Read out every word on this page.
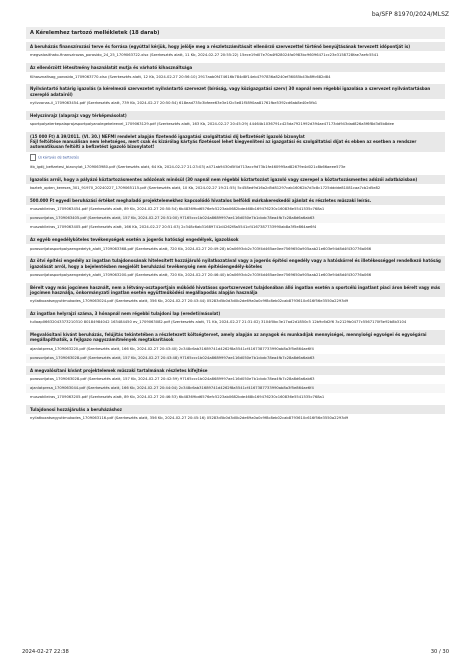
ba/SFP 81970/2024/MLSZ
A Kérelemhez tartozó mellékletek (18 darab)
A beruházás finanszírozási terve és forrása (egyúttal kérjük, hogy jelölje meg a részletszámításait ellenőrző szervezettel történő benyújtásának tervezett időpontját is)
megvalosithato-finanszirozas_porosido_24_25_1709063722.xlsx (Szerkesztés alatt, 11 Kb, 2024-02-27 20:55:22) 15ece19d07e70a4f628024fa0983bc96096471cc23e3158728fae7aefc5541
Az ellenőrzött létesítmény használatát mutja és várható kihasználtsága
Kihasznaltsag_porosido_1709063770.xlsx (Szerkesztés alatt, 12 Kb, 2024-02-27 20:56:10) 2917aab0f474616b784d8f14eb4797836a8240ef36085b43b8ffc682d84
Nyilvántartó határig igazolás (a kérelmező szervezetet nyilvántartó szervezet (bíróság, vagy közigazgatási szerv) 30 napnál nem régebbi igazolása a szervezet nyilvántartásban szereplő adatairól)
nyilvvonas-ii_1709063454.pdf (Szerkesztés alatt, 739 Kb, 2024-02-27 20:50:54) 618ead735c3bfeee63e3e1f2c5e81f5890aa81761fbe5392cd6ab8e40e5fb1
Helyszínrajz (alaprajz vagy térképmásolat)
sportpalyaterkepalaprajzsportpalyanolegekeleevel_1709063129.pdf (Szerkesztés alatt, 163 Kb, 2024-02-27 20:45:29) 44464b1036791c425da7921992d394ae47173dd943dad826a5f6f8d3d5b8dee
(15 000 Ft) A 39/2011. (VI. 30.) NEFMI rendelet alapján fizetendő igazgatási szolgáltatási díj befizetését igazoló bizonylat
Fájl feltöltése manuálisan nem lehetséges, mert csak és kizárólag kártyás fizetéssel lehet kiegyenlíteni az igazgatási és szolgáltatási díjat és ebben az esetben a rendszer automatikusan feltölti a befizetést igazoló bizonylatot!
Új kártyás díj befizetés
itb_igdij_befizetesi_bizonylat_1709063980.pdf (Szerkesztés alatt, 64 Kb, 2024-02-27 21:23:03) a471ab9430d5f4d713acc9d73b1fe460995ad82679e4d021c8b66aeee573e
Igazolás arról, hogy a pályázó köztartozásmentes adózónak minősül (30 napnál nem régebbi köztartozást igazoló vagy szerepel a köztartozásmentes adózói adatbázisban)
kozteh_opten_kereses_301_91970_20240227_1709065115.pdf (Szerkesztés alatt, 10 Kb, 2024-02-27 19:21:55) 5c458ed9d16a2d5d81297cab16062b7d3c8c1725dddde81081caa7cb2d5e82
500.000 Ft egyedi beruházási értéket meghaladó projektelemekhez kapcsolódó hivatalos belföldi márkakereskedői ajánlat és részletes műszaki leírás.
muszakileiras_1709063454.pdf (Szerkesztés alatt, 89 Kb, 2024-02-27 20:50:54) 6b48369bd6576efc5223ab0682bde468b169476230c160836e5541535c768a1
porosorijatos_1709063405.pdf (Szerkesztés alatt, 157 Kb, 2024-02-27 20:51:00) 97165ccc1b024a8689997ae116d050e7b1cbdc78ea4fb7c28a8d6a6ab63
muszakileiras_1709063405.pdf (Szerkesztés alatt, 166 Kb, 2024-02-27 20:51:03) 2c348c6ab31689741d4262f8a5541cf4167387733990ab8a3f5e864ae6f4
Az egyéb engedélyköteles tevékenységek esetén a jogerős hatósági engedélyek, igazolások
porosorijatosportpalyaengedelyk_alatt_1709063368.pdf (Szerkesztés alatt, 720 Kb, 2024-02-27 20:49:28) b0a0693cb2c703f4d465ae0ee7569650a905aab21e603e94d8d4f430776a066
Az ötvi építési engedély az ingatlan tulajdonosának hitelesített hozzájáruló nyilatkozatával vagy a jogerős építési engedély vagy a hatóskörrel és illetékességgel rendelkező hatóság igazolását arról, hogy a bejelentésben megjelölt beruházási tevékenység nem építésiengedély-köteles
porosorijatosportpalyaengedelyk_alatt_1709063200.pdf (Szerkesztés alatt, 720 Kb, 2024-02-27 20:46:40) b0a0693cb2c703f4d465ae0ee7569650a905aab21e603e94d8d4f430776a066
Bérelt vagy más jogcímen használt, nem a létvány-osztaportjain működő hivatásos sportszervezet tulajdonában álló ingatlan esetén a sportcélú ingatlant piaci áron bérelt vagy más jogcímen használja, önkormányzati ingatlan esetén együttműködési megállapodás alapján használja
nyilatkozatsegyuttmukodes_1709063024.pdf (Szerkesztés alatt, 356 Kb, 2024-02-27 20:43:44) 05283d5b0d3d0b2de69a0a0c9f8c8eb02cab8793610c616f56e3550a2293d9
Az ingatlan helyrajzi száma, 3 hónapnál nem régebbi tulajdoni lap (eredeti/másolat)
tulloap06632043373210310 80184984042 163484450 ev_1709063082.pdf (Szerkesztés alatt, 71 Kb, 2024-02-27 21:31:02) 3104f0bc3e17ad2d1850c5 12b9c6d2f6 3c2129b0477c5567170f5e92b8b3104
Megvalósítani kívánt beruházás, felújítás tekintetében a részletezett költségtervet, amely alapján az anyagok és munkadíjak mennyiségei, mennyiségi egységei és egységárai megállapíthatók, a fejlgazo nagyszámítmények megtakarítások
ajanlatpresa_1709063220.pdf (Szerkesztés alatt, 166 Kb, 2024-02-27 20:43:40) 2c348c6ab31689741d4262f8a5541cf4167387733990ab8a3f5e864ae6f4
porosorijatos_1709063028.pdf (Szerkesztés alatt, 157 Kb, 2024-02-27 20:43:48) 97165ccc1b024a8689997ae116d050e7b1cbdc78ea4fb7c28a8d6a6ab63
A megvalósítani kívánt projektelemek műszaki tartalmának részletes kifejtése
porosorijatos_1709063028.pdf (Szerkesztés alatt, 157 Kb, 2024-02-27 20:42:59) 97165ccc1b024a8689997ae116d050e7b1cbdc78ea4fb7c28a8d6a6ab63
ajanlatpresa_1709063044.pdf (Szerkesztés alatt, 166 Kb, 2024-02-27 20:44:04) 2c348c6ab31689741d4262f8a5541cf4167387733990ab8a3f5e864ae6f4
muszakileiras_1709063205.pdf (Szerkesztés alatt, 89 Kb, 2024-02-27 20:46:53) 6b48369bd6576efc5223ab0682bde468b169476230c160836e5541535c768a1
Tulajdonosi hozzájárulás a beruházáshoz
nyilatkozatsegyuttmukodes_1709063116.pdf (Szerkesztés alatt, 356 Kb, 2024-02-27 20:45:16) 05283d5b0d3d0b2de69a0a0c9f8c8eb02cab8793610c616f56e3550a2293d9
2024-02-27 22:38	30 / 30
